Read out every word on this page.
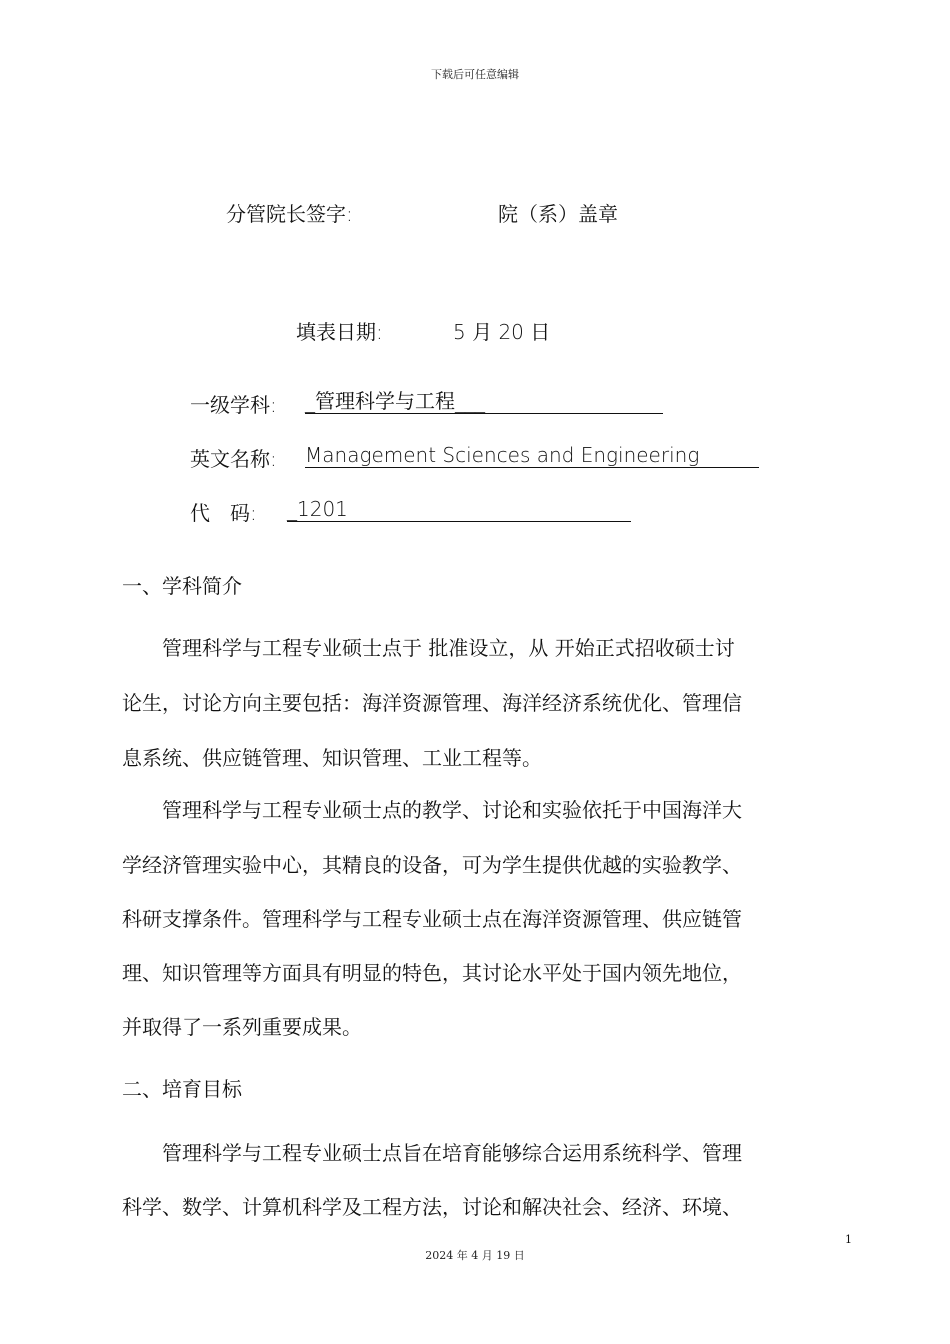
下载后可任意编辑
分管院长签字:	院（系）盖章
填表日期:	5 月 20 日
一级学科: _管理科学与工程___
英文名称: Management Sciences and Engineering
代　码: _1201
一、学科简介
　　管理科学与工程专业硕士点于 批准设立，从 开始正式招收硕士讨
论生，讨论方向主要包括：海洋资源管理、海洋经济系统优化、管理信
息系统、供应链管理、知识管理、工业工程等。
　　管理科学与工程专业硕士点的教学、讨论和实验依托于中国海洋大
学经济管理实验中心，其精良的设备，可为学生提供优越的实验教学、
科研支撑条件。管理科学与工程专业硕士点在海洋资源管理、供应链管
理、知识管理等方面具有明显的特色，其讨论水平处于国内领先地位，
并取得了一系列重要成果。
二、培育目标
　　管理科学与工程专业硕士点旨在培育能够综合运用系统科学、管理
科学、数学、计算机科学及工程方法，讨论和解决社会、经济、环境、
1
2024 年 4 月 19 日
